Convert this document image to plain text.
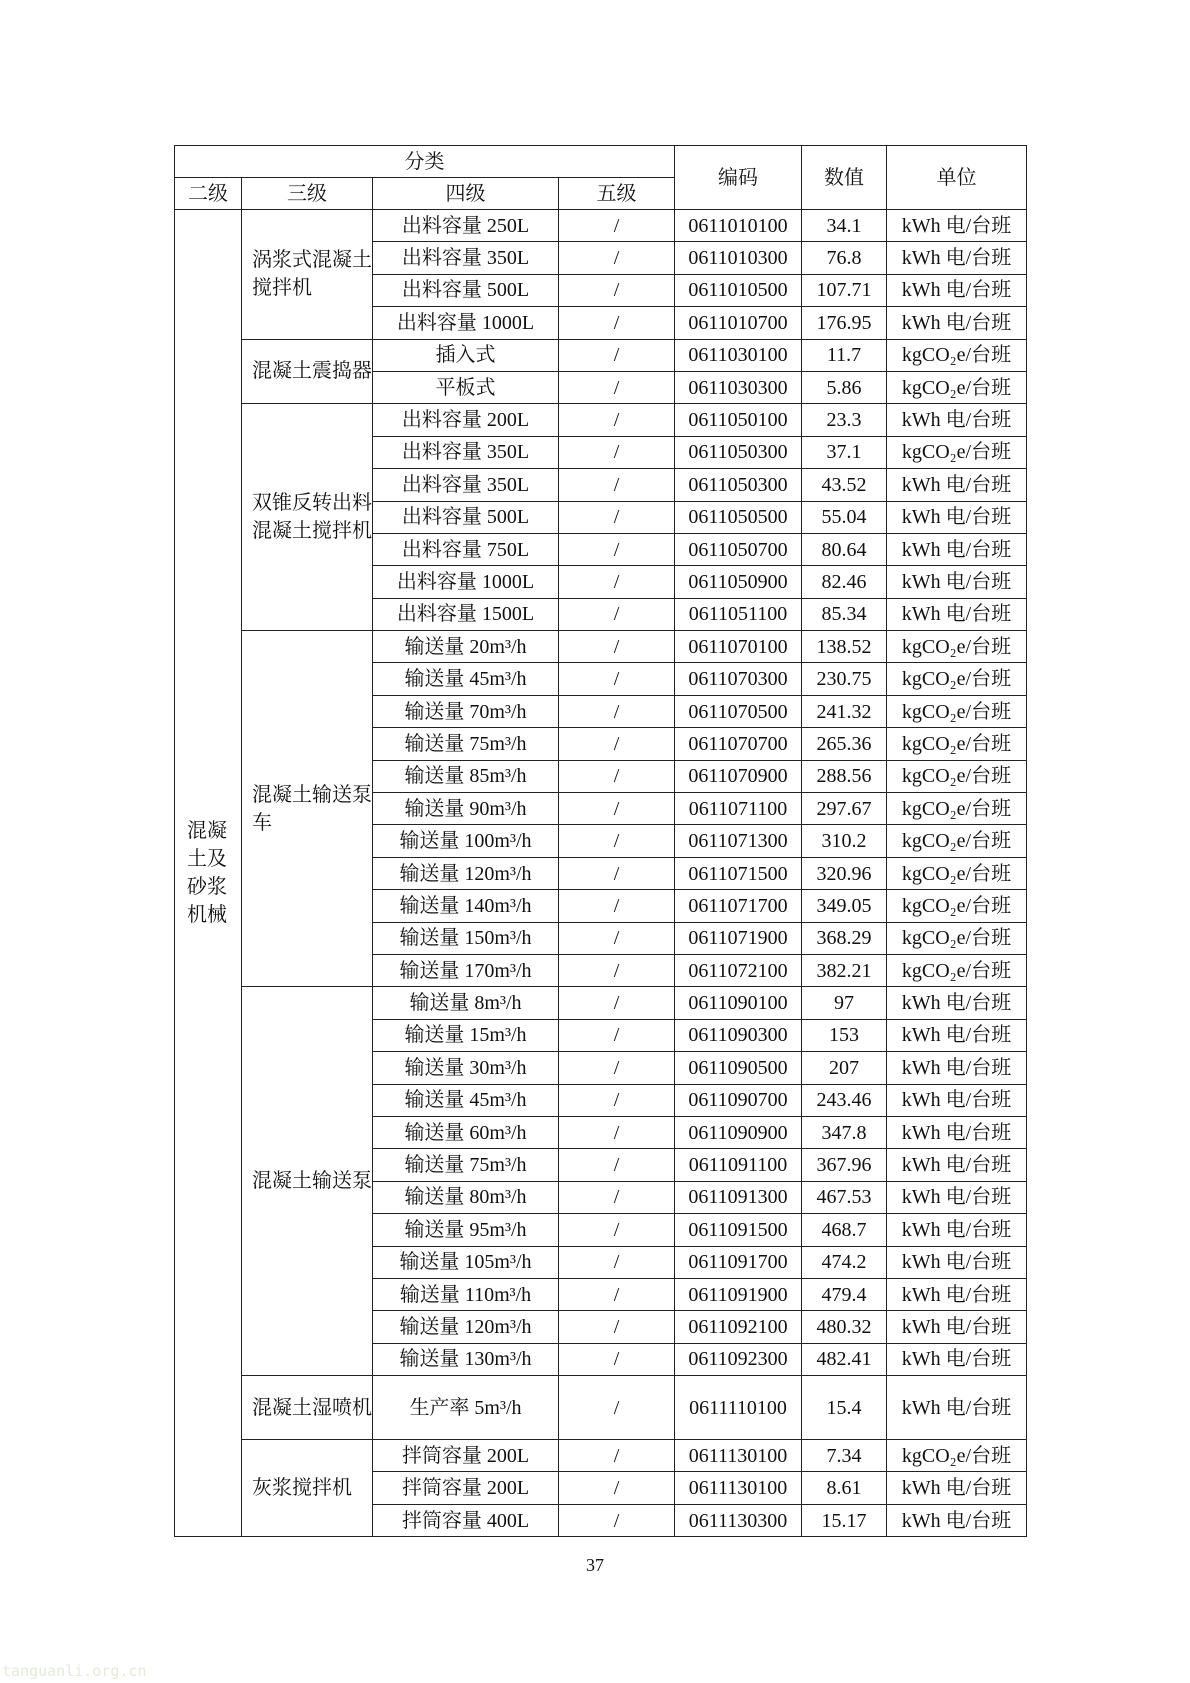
分类				编码	数值	单位
二级	三级	四级	五级			

混凝土及砂浆机械	涡浆式混凝土搅拌机	出料容量 250L	/	0611010100	34.1	kWh 电/台班
		出料容量 350L	/	0611010300	76.8	kWh 电/台班
		出料容量 500L	/	0611010500	107.71	kWh 电/台班
		出料容量 1000L	/	0611010700	176.95	kWh 电/台班
	混凝土震捣器	插入式	/	0611030100	11.7	kgCO₂e/台班
		平板式	/	0611030300	5.86	kgCO₂e/台班
	双锥反转出料混凝土搅拌机	出料容量 200L	/	0611050100	23.3	kWh 电/台班
		出料容量 350L	/	0611050300	37.1	kgCO₂e/台班
		出料容量 350L	/	0611050300	43.52	kWh 电/台班
		出料容量 500L	/	0611050500	55.04	kWh 电/台班
		出料容量 750L	/	0611050700	80.64	kWh 电/台班
		出料容量 1000L	/	0611050900	82.46	kWh 电/台班
		出料容量 1500L	/	0611051100	85.34	kWh 电/台班
	混凝土输送泵车	输送量 20m³/h	/	0611070100	138.52	kgCO₂e/台班
		输送量 45m³/h	/	0611070300	230.75	kgCO₂e/台班
		输送量 70m³/h	/	0611070500	241.32	kgCO₂e/台班
		输送量 75m³/h	/	0611070700	265.36	kgCO₂e/台班
		输送量 85m³/h	/	0611070900	288.56	kgCO₂e/台班
		输送量 90m³/h	/	0611071100	297.67	kgCO₂e/台班
		输送量 100m³/h	/	0611071300	310.2	kgCO₂e/台班
		输送量 120m³/h	/	0611071500	320.96	kgCO₂e/台班
		输送量 140m³/h	/	0611071700	349.05	kgCO₂e/台班
		输送量 150m³/h	/	0611071900	368.29	kgCO₂e/台班
		输送量 170m³/h	/	0611072100	382.21	kgCO₂e/台班
	混凝土输送泵	输送量 8m³/h	/	0611090100	97	kWh 电/台班
		输送量 15m³/h	/	0611090300	153	kWh 电/台班
		输送量 30m³/h	/	0611090500	207	kWh 电/台班
		输送量 45m³/h	/	0611090700	243.46	kWh 电/台班
		输送量 60m³/h	/	0611090900	347.8	kWh 电/台班
		输送量 75m³/h	/	0611091100	367.96	kWh 电/台班
		输送量 80m³/h	/	0611091300	467.53	kWh 电/台班
		输送量 95m³/h	/	0611091500	468.7	kWh 电/台班
		输送量 105m³/h	/	0611091700	474.2	kWh 电/台班
		输送量 110m³/h	/	0611091900	479.4	kWh 电/台班
		输送量 120m³/h	/	0611092100	480.32	kWh 电/台班
		输送量 130m³/h	/	0611092300	482.41	kWh 电/台班
	混凝土湿喷机	生产率 5m³/h	/	0611110100	15.4	kWh 电/台班
	灰浆搅拌机	拌筒容量 200L	/	0611130100	7.34	kgCO₂e/台班
		拌筒容量 200L	/	0611130100	8.61	kWh 电/台班
		拌筒容量 400L	/	0611130300	15.17	kWh 电/台班
37
tanguanli.org.cn
